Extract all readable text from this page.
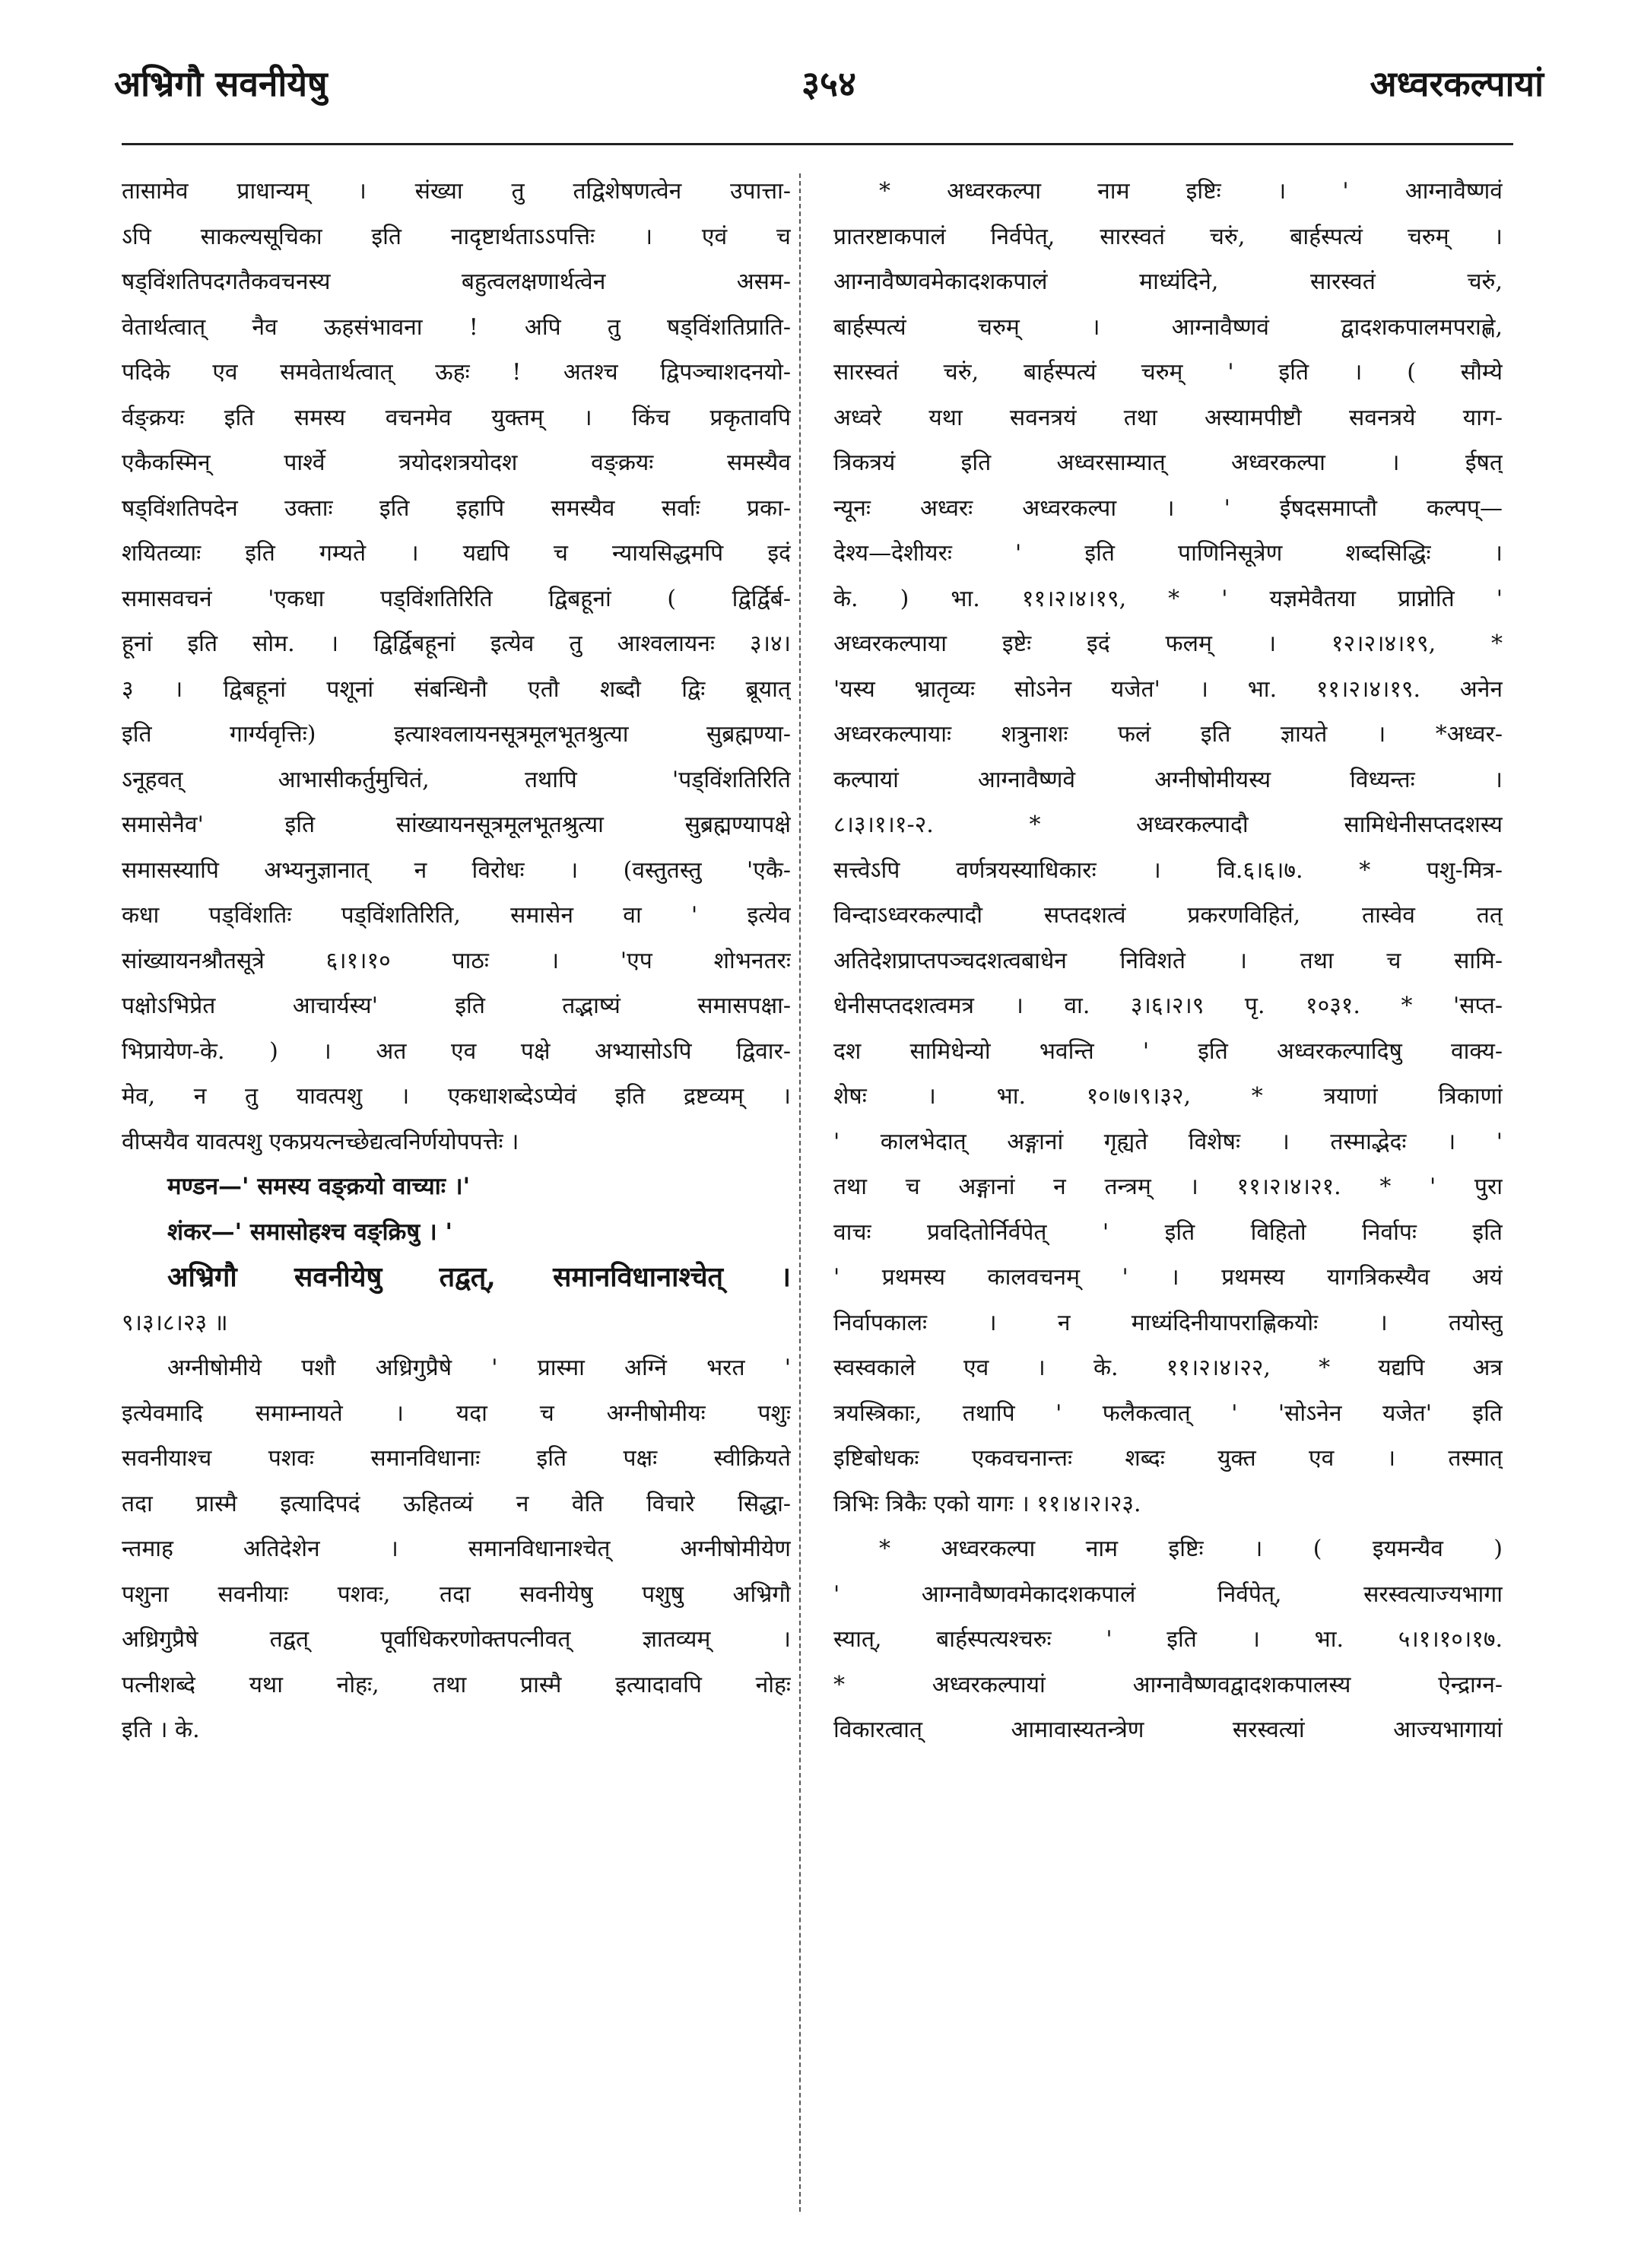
अभ्रिगौ सवनीयेषु	३५४	अध्वरकल्पायां
तासामेव प्राधान्यम् । संख्या तु तद्विशेषणत्वेन उपात्ता-
ऽपि साकल्यसूचिका इति नादृष्टार्थताऽऽपत्तिः । एवं च
षड्विंशतिपदगतैकवचनस्य बहुत्वलक्षणार्थत्वेन असम-
वेतार्थत्वात् नैव ऊहसंभावना ! अपि तु षड्विंशतिप्राति-
पदिके एव समवेतार्थत्वात् ऊहः ! अतश्च द्विपञ्चाशदनयो-
र्वङ्क्रयः इति समस्य वचनमेव युक्तम् । किंच प्रकृतावपि
एकैकस्मिन् पार्श्वे त्रयोदशत्रयोदश वङ्क्रयः समस्यैव
षड्विंशतिपदेन उक्ताः इति इहापि समस्यैव सर्वाः प्रका-
शयितव्याः इति गम्यते । यद्यपि च न्यायसिद्धमपि इदं
समासवचनं 'एकधा पड्विंशतिरिति द्विबहूनां ( द्विर्द्विर्ब-
हूनां इति सोम. । द्विर्द्विबहूनां इत्येव तु आश्वलायनः ३।४।
३ । द्विबहूनां पशूनां संबन्धिनौ एतौ शब्दौ द्विः ब्रूयात्
इति गार्ग्यवृत्तिः) इत्याश्वलायनसूत्रमूलभूतश्रुत्या सुब्रह्मण्या-
ऽनूहवत् आभासीकर्तुमुचितं, तथापि 'पड्विंशतिरिति
समासेनैव' इति सांख्यायनसूत्रमूलभूतश्रुत्या सुब्रह्मण्यापक्षे
समासस्यापि अभ्यनुज्ञानात् न विरोधः । (वस्तुतस्तु 'एकै-
कधा पड्विंशतिः पड्विंशतिरिति, समासेन वा ' इत्येव
सांख्यायनश्रौतसूत्रे ६।१।१० पाठः । 'एप शोभनतरः
पक्षोऽभिप्रेत आचार्यस्य' इति तद्भाष्यं समासपक्षा-
भिप्रायेण-के. ) । अत एव पक्षे अभ्यासोऽपि द्विवार-
मेव, न तु यावत्पशु । एकधाशब्देऽप्येवं इति द्रष्टव्यम् ।
वीप्सयैव यावत्पशु एकप्रयत्नच्छेद्यत्वनिर्णयोपपत्तेः ।
मण्डन—' समस्य वङ्क्रयो वाच्याः ।'
शंकर—' समासोहश्च वङ्क्रिषु । '
अभ्रिगौ सवनीयेषु तद्वत्, समानविधानाश्चेत् ।
९।३।८।२३ ॥
अग्नीषोमीये पशौ अध्रिगुप्रैषे ' प्रास्मा अग्निं भरत '
इत्येवमादि समाम्नायते । यदा च अग्नीषोमीयः पशुः
सवनीयाश्च पशवः समानविधानाः इति पक्षः स्वीक्रियते
तदा प्रास्मै इत्यादिपदं ऊहितव्यं न वेति विचारे सिद्धा-
न्तमाह अतिदेशेन । समानविधानाश्चेत् अग्नीषोमीयेण
पशुना सवनीयाः पशवः, तदा सवनीयेषु पशुषु अभ्रिगौ
अध्रिगुप्रैषे तद्वत् पूर्वाधिकरणोक्तपत्नीवत् ज्ञातव्यम् ।
पत्नीशब्दे यथा नोहः, तथा प्रास्मै इत्यादावपि नोहः
इति । के.
* अध्वरकल्पा नाम इष्टिः । ' आग्नावैष्णवं
प्रातरष्टाकपालं निर्वपेत्, सारस्वतं चरुं, बार्हस्पत्यं चरुम् ।
आग्नावैष्णवमेकादशकपालं माध्यंदिने, सारस्वतं चरुं,
बार्हस्पत्यं चरुम् । आग्नावैष्णवं द्वादशकपालमपराह्णे,
सारस्वतं चरुं, बार्हस्पत्यं चरुम् ' इति । ( सौम्ये
अध्वरे यथा सवनत्रयं तथा अस्यामपीष्टौ सवनत्रये याग-
त्रिकत्रयं इति अध्वरसाम्यात् अध्वरकल्पा । ईषत्
न्यूनः अध्वरः अध्वरकल्पा । ' ईषदसमाप्तौ कल्पप्—
देश्य—देशीयरः ' इति पाणिनिसूत्रेण शब्दसिद्धिः ।
के. ) भा. ११।२।४।१९, * ' यज्ञमेवैतया प्राप्नोति '
अध्वरकल्पाया इष्टेः इदं फलम् । १२।२।४।१९, *
'यस्य भ्रातृव्यः सोऽनेन यजेत' । भा. ११।२।४।१९. अनेन
अध्वरकल्पायाः शत्रुनाशः फलं इति ज्ञायते । *अध्वर-
कल्पायां आग्नावैष्णवे अग्नीषोमीयस्य विध्यन्तः ।
८।३।१।१-२. * अध्वरकल्पादौ सामिधेनीसप्तदशस्य
सत्त्वेऽपि वर्णत्रयस्याधिकारः । वि.६।६।७. * पशु-मित्र-
विन्दाऽध्वरकल्पादौ सप्तदशत्वं प्रकरणविहितं, तास्वेव तत्
अतिदेशप्राप्तपञ्चदशत्वबाधेन निविशते । तथा च सामि-
धेनीसप्तदशत्वमत्र । वा. ३।६।२।९ पृ. १०३१. * 'सप्त-
दश सामिधेन्यो भवन्ति ' इति अध्वरकल्पादिषु वाक्य-
शेषः । भा. १०।७।९।३२, * त्रयाणां त्रिकाणां
' कालभेदात् अङ्गानां गृह्यते विशेषः । तस्माद्भेदः । '
तथा च अङ्गानां न तन्त्रम् । ११।२।४।२१. * ' पुरा
वाचः प्रवदितोर्निर्वपेत् ' इति विहितो निर्वापः इति
' प्रथमस्य कालवचनम् ' । प्रथमस्य यागत्रिकस्यैव अयं
निर्वापकालः । न माध्यंदिनीयापराह्णिकयोः । तयोस्तु
स्वस्वकाले एव । के. ११।२।४।२२, * यद्यपि अत्र
त्रयस्त्रिकाः, तथापि ' फलैकत्वात् ' 'सोऽनेन यजेत' इति
इष्टिबोधकः एकवचनान्तः शब्दः युक्त एव । तस्मात्
त्रिभिः त्रिकैः एको यागः । ११।४।२।२३.
* अध्वरकल्पा नाम इष्टिः । ( इयमन्यैव )
' आग्नावैष्णवमेकादशकपालं निर्वपेत्, सरस्वत्याज्यभागा
स्यात्, बार्हस्पत्यश्चरुः ' इति । भा. ५।१।१०।१७.
* अध्वरकल्पायां आग्नावैष्णवद्वादशकपालस्य ऐन्द्राग्न-
विकारत्वात् आमावास्यतन्त्रेण सरस्वत्यां आज्यभागायां
